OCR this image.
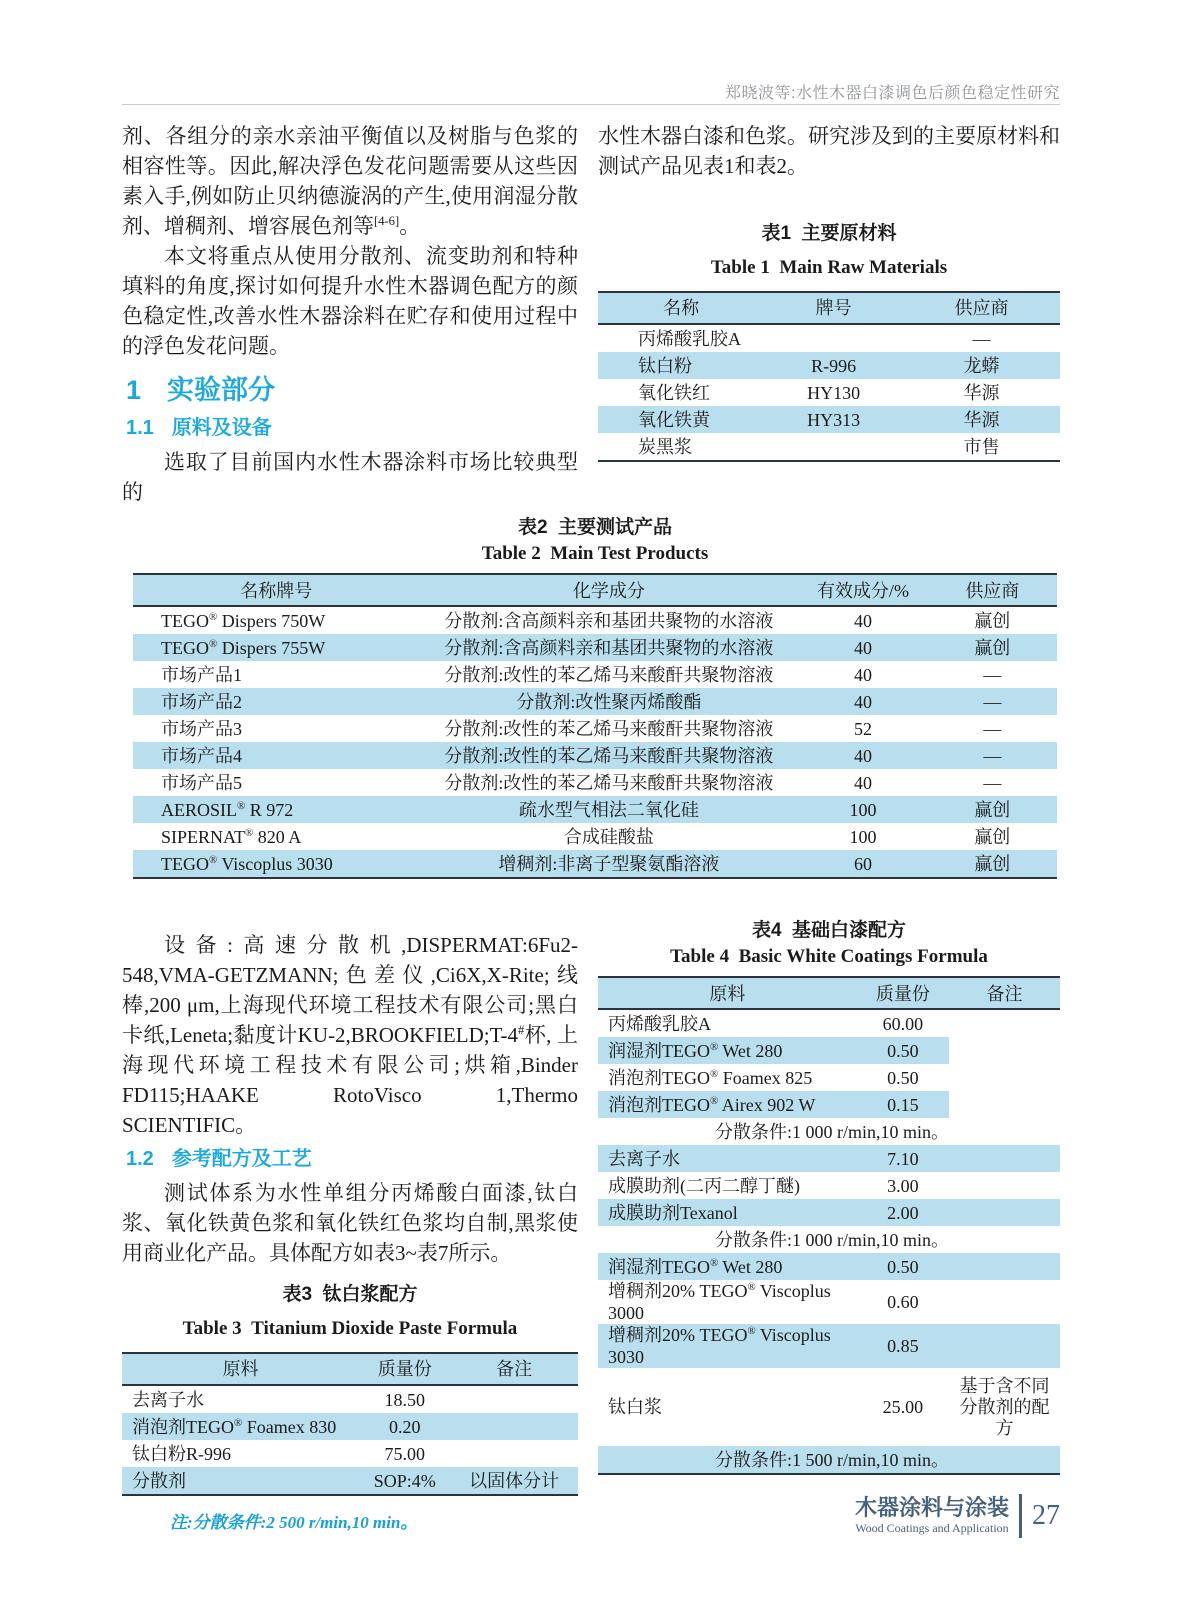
郑晓波等:水性木器白漆调色后颜色稳定性研究

剂、各组分的亲水亲油平衡值以及树脂与色浆的相容性等。因此,解决浮色发花问题需要从这些因素入手,例如防止贝纳德漩涡的产生,使用润湿分散剂、增稠剂、增容展色剂等[4-6]。

本文将重点从使用分散剂、流变助剂和特种填料的角度,探讨如何提升水性木器调色配方的颜色稳定性,改善水性木器涂料在贮存和使用过程中的浮色发花问题。

1 实验部分
1.1 原料及设备

选取了目前国内水性木器涂料市场比较典型的

水性木器白漆和色浆。研究涉及到的主要原材料和测试产品见表1和表2。

表1  主要原材料
Table 1  Main Raw Materials
名称	牌号	供应商
丙烯酸乳胶A		—
钛白粉	R-996	龙蟒
氧化铁红	HY130	华源
氧化铁黄	HY313	华源
炭黑浆		市售
表2  主要测试产品
Table 2  Main Test Products
名称牌号	化学成分	有效成分/%	供应商
TEGO® Dispers 750W	分散剂:含高颜料亲和基团共聚物的水溶液	40	赢创
TEGO® Dispers 755W	分散剂:含高颜料亲和基团共聚物的水溶液	40	赢创
市场产品1	分散剂:改性的苯乙烯马来酸酐共聚物溶液	40	—
市场产品2	分散剂:改性聚丙烯酸酯	40	—
市场产品3	分散剂:改性的苯乙烯马来酸酐共聚物溶液	52	—
市场产品4	分散剂:改性的苯乙烯马来酸酐共聚物溶液	40	—
市场产品5	分散剂:改性的苯乙烯马来酸酐共聚物溶液	40	—
AEROSIL® R 972	疏水型气相法二氧化硅	100	赢创
SIPERNAT® 820 A	合成硅酸盐	100	赢创
TEGO® Viscoplus 3030	增稠剂:非离子型聚氨酯溶液	60	赢创

设备:高速分散机,DISPERMAT:6Fu2-548,VMA-GETZMANN;色差仪,Ci6X,X-Rite;线棒,200 μm,上海现代环境工程技术有限公司;黑白卡纸,Leneta;黏度计KU-2,BROOKFIELD;T-4#杯, 上海现代环境工程技术有限公司;烘箱,Binder FD115;HAAKE RotoVisco 1,Thermo SCIENTIFIC。

1.2 参考配方及工艺

测试体系为水性单组分丙烯酸白面漆,钛白浆、氧化铁黄色浆和氧化铁红色浆均自制,黑浆使用商业化产品。具体配方如表3~表7所示。

表3  钛白浆配方
Table 3  Titanium Dioxide Paste Formula
原料	质量份	备注
去离子水	18.50	
消泡剂TEGO® Foamex 830	0.20	
钛白粉R-996	75.00	
分散剂	SOP:4%	以固体分计
注:分散条件:2 500 r/min,10 min。
表4  基础白漆配方
Table 4  Basic White Coatings Formula
原料	质量份	备注
丙烯酸乳胶A	60.00	
润湿剂TEGO® Wet 280	0.50	
消泡剂TEGO® Foamex 825	0.50	
消泡剂TEGO® Airex 902 W	0.15	
分散条件:1 000 r/min,10 min。		
去离子水	7.10	
成膜助剂(二丙二醇丁醚)	3.00	
成膜助剂Texanol	2.00	
分散条件:1 000 r/min,10 min。		
润湿剂TEGO® Wet 280	0.50	
增稠剂20% TEGO® Viscoplus 3000	0.60	
增稠剂20% TEGO® Viscoplus 3030	0.85	
钛白浆	25.00	基于含不同分散剂的配方
分散条件:1 500 r/min,10 min。		
木器涂料与涂装
Wood Coatings and Application 27
